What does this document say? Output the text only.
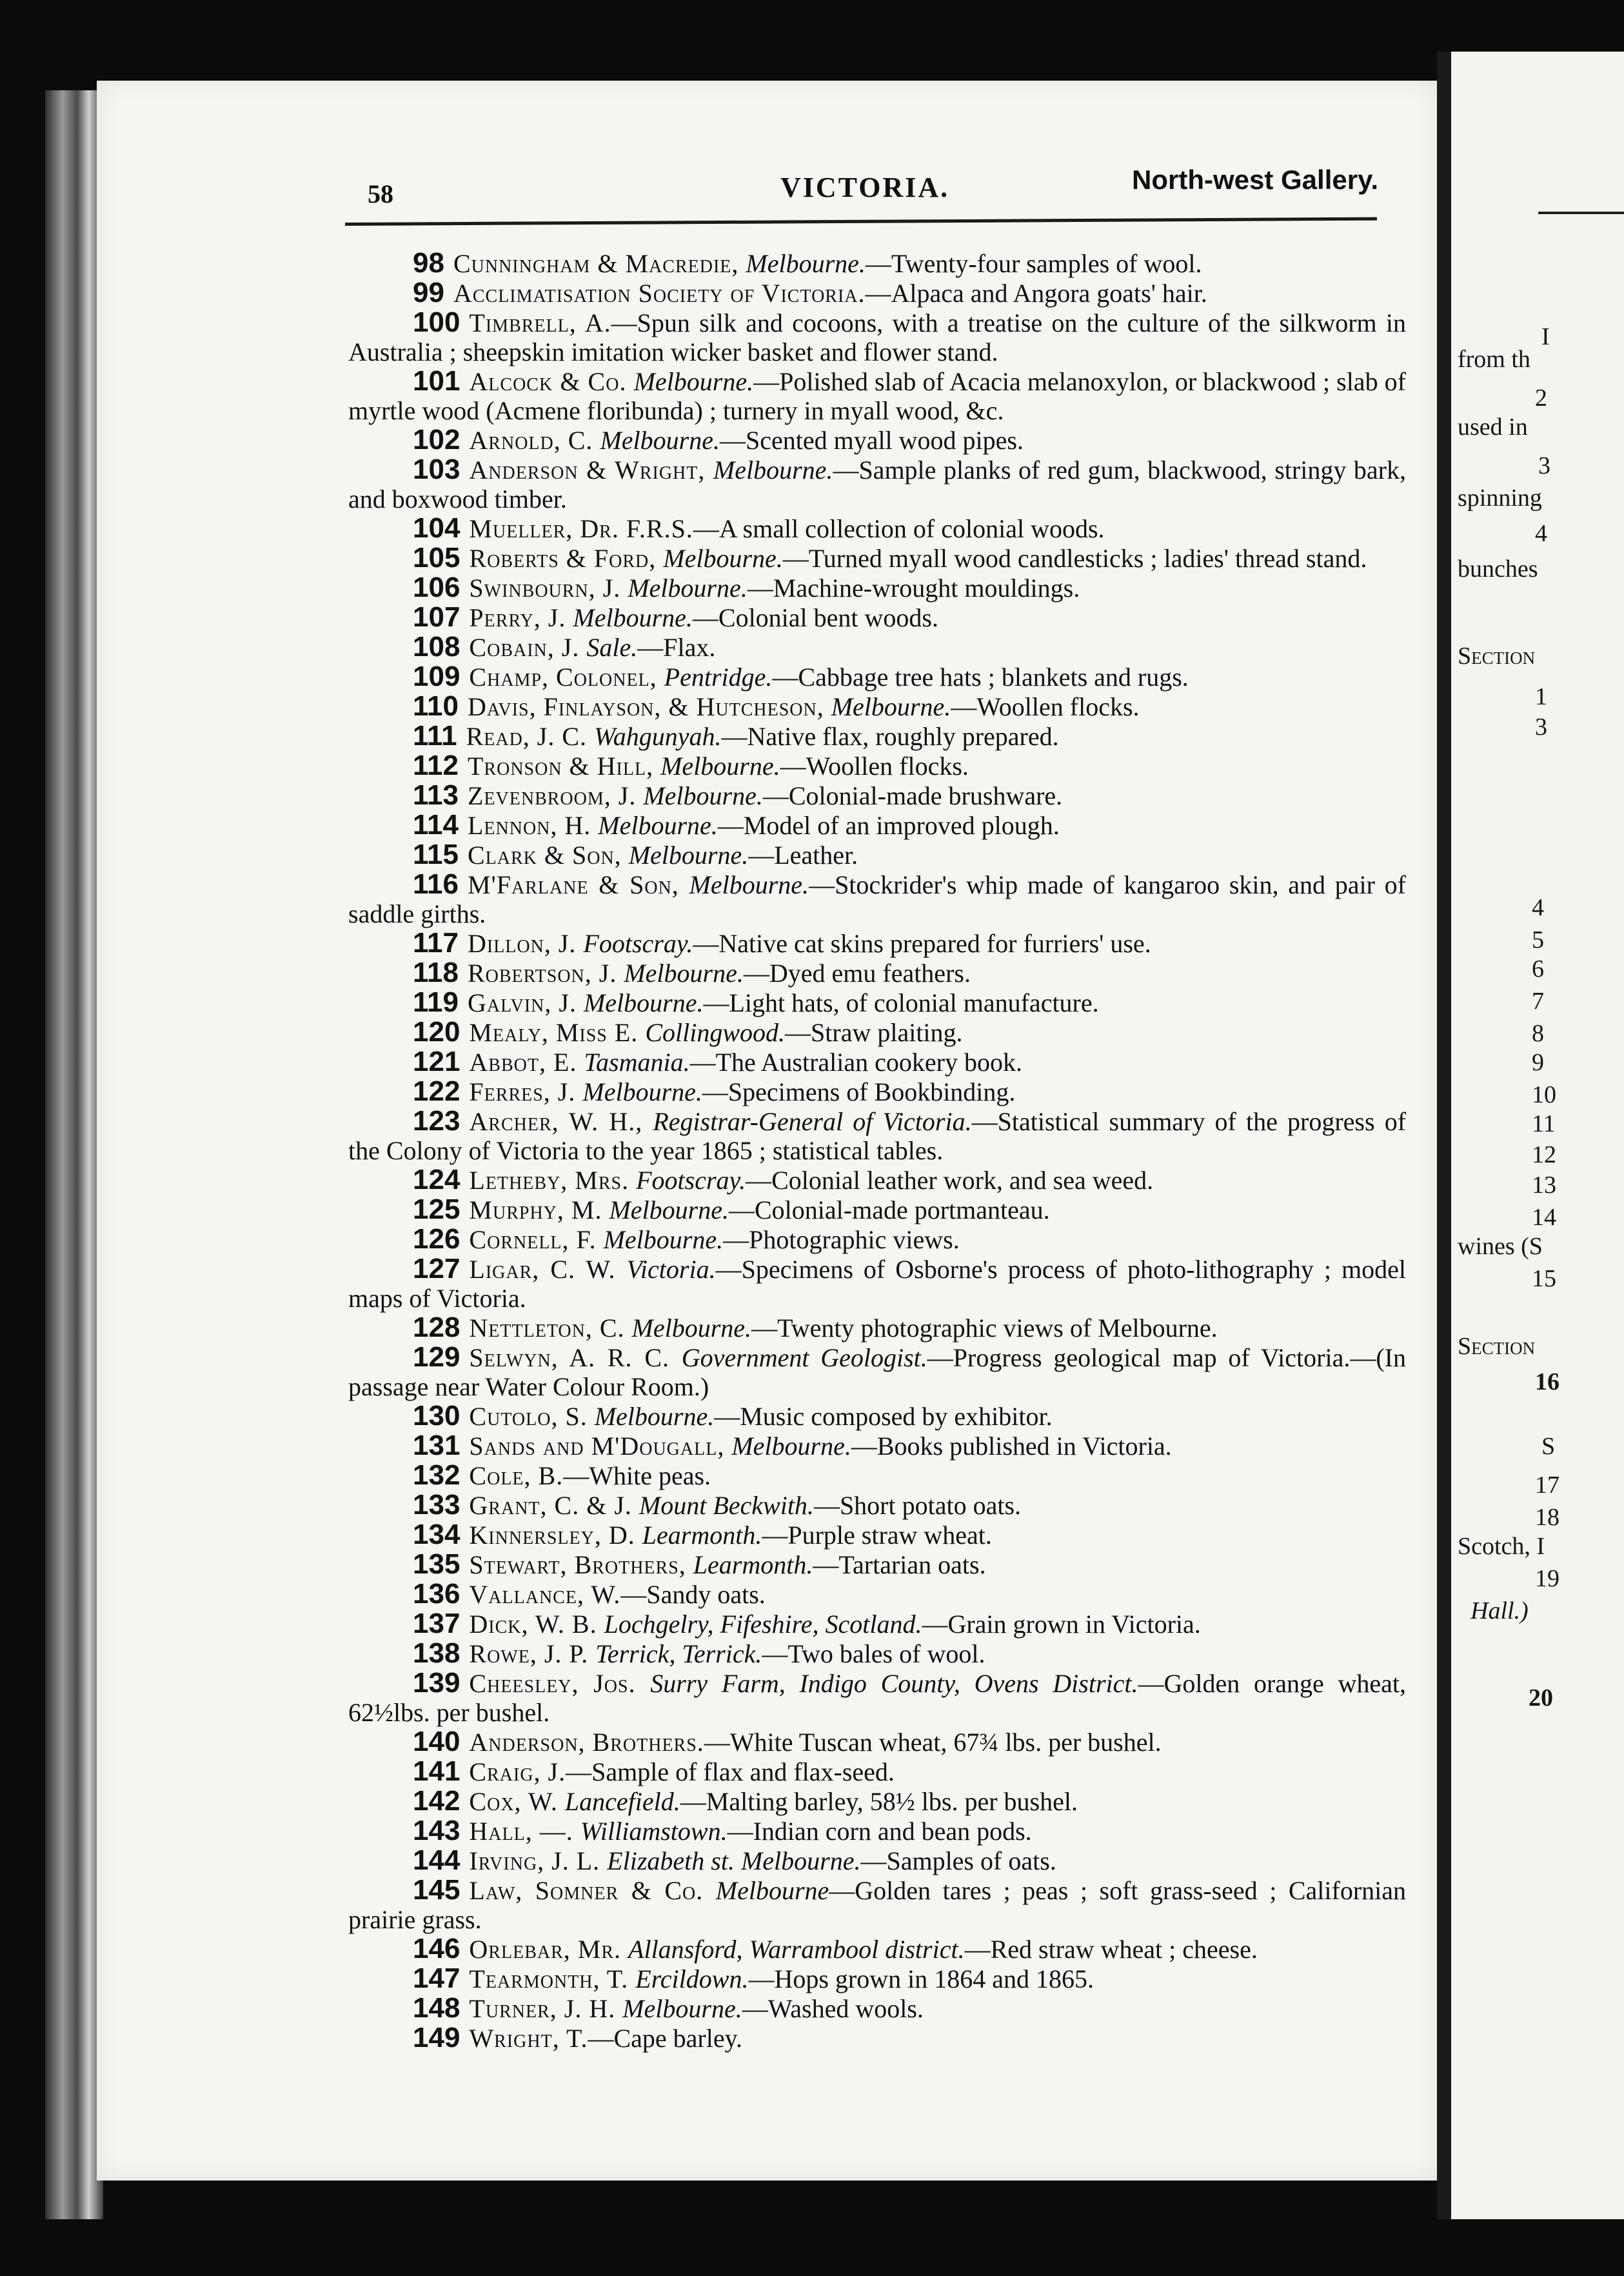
I
from th
2
used in
3
spinning
4
bunches
Section
1
3
4
5
6
7
8
9
10
11
12
13
14
wines (S
15
Section
16
S
17
18
Scotch, I
19
Hall.)
20
58	VICTORIA.	North-west Gallery.

98 Cunningham & Macredie, Melbourne.—Twenty-four samples of wool.

99 Acclimatisation Society of Victoria.—Alpaca and Angora goats' hair.

100 Timbrell, A.—Spun silk and cocoons, with a treatise on the culture of the silkworm in Australia ; sheepskin imitation wicker basket and flower stand.

101 Alcock & Co. Melbourne.—Polished slab of Acacia melanoxylon, or blackwood ; slab of myrtle wood (Acmene floribunda) ; turnery in myall wood, &c.

102 Arnold, C. Melbourne.—Scented myall wood pipes.

103 Anderson & Wright, Melbourne.—Sample planks of red gum, blackwood, stringy bark, and boxwood timber.

104 Mueller, Dr. F.R.S.—A small collection of colonial woods.

105 Roberts & Ford, Melbourne.—Turned myall wood candlesticks ; ladies' thread stand.

106 Swinbourn, J. Melbourne.—Machine-wrought mouldings.

107 Perry, J. Melbourne.—Colonial bent woods.

108 Cobain, J. Sale.—Flax.

109 Champ, Colonel, Pentridge.—Cabbage tree hats ; blankets and rugs.

110 Davis, Finlayson, & Hutcheson, Melbourne.—Woollen flocks.

111 Read, J. C. Wahgunyah.—Native flax, roughly prepared.

112 Tronson & Hill, Melbourne.—Woollen flocks.

113 Zevenbroom, J. Melbourne.—Colonial-made brushware.

114 Lennon, H. Melbourne.—Model of an improved plough.

115 Clark & Son, Melbourne.—Leather.

116 M'Farlane & Son, Melbourne.—Stockrider's whip made of kangaroo skin, and pair of saddle girths.

117 Dillon, J. Footscray.—Native cat skins prepared for furriers' use.

118 Robertson, J. Melbourne.—Dyed emu feathers.

119 Galvin, J. Melbourne.—Light hats, of colonial manufacture.

120 Mealy, Miss E. Collingwood.—Straw plaiting.

121 Abbot, E. Tasmania.—The Australian cookery book.

122 Ferres, J. Melbourne.—Specimens of Bookbinding.

123 Archer, W. H., Registrar-General of Victoria.—Statistical summary of the progress of the Colony of Victoria to the year 1865 ; statistical tables.

124 Letheby, Mrs. Footscray.—Colonial leather work, and sea weed.

125 Murphy, M. Melbourne.—Colonial-made portmanteau.

126 Cornell, F. Melbourne.—Photographic views.

127 Ligar, C. W. Victoria.—Specimens of Osborne's process of photo-lithography ; model maps of Victoria.

128 Nettleton, C. Melbourne.—Twenty photographic views of Melbourne.

129 Selwyn, A. R. C. Government Geologist.—Progress geological map of Victoria.—(In passage near Water Colour Room.)

130 Cutolo, S. Melbourne.—Music composed by exhibitor.

131 Sands and M'Dougall, Melbourne.—Books published in Victoria.

132 Cole, B.—White peas.

133 Grant, C. & J. Mount Beckwith.—Short potato oats.

134 Kinnersley, D. Learmonth.—Purple straw wheat.

135 Stewart, Brothers, Learmonth.—Tartarian oats.

136 Vallance, W.—Sandy oats.

137 Dick, W. B. Lochgelry, Fifeshire, Scotland.—Grain grown in Victoria.

138 Rowe, J. P. Terrick, Terrick.—Two bales of wool.

139 Cheesley, Jos. Surry Farm, Indigo County, Ovens District.—Golden orange wheat, 62½lbs. per bushel.

140 Anderson, Brothers.—White Tuscan wheat, 67¾ lbs. per bushel.

141 Craig, J.—Sample of flax and flax-seed.

142 Cox, W. Lancefield.—Malting barley, 58½ lbs. per bushel.

143 Hall, —. Williamstown.—Indian corn and bean pods.

144 Irving, J. L. Elizabeth st. Melbourne.—Samples of oats.

145 Law, Somner & Co. Melbourne—Golden tares ; peas ; soft grass-seed ; Californian prairie grass.

146 Orlebar, Mr. Allansford, Warrambool district.—Red straw wheat ; cheese.

147 Tearmonth, T. Ercildown.—Hops grown in 1864 and 1865.

148 Turner, J. H. Melbourne.—Washed wools.

149 Wright, T.—Cape barley.
